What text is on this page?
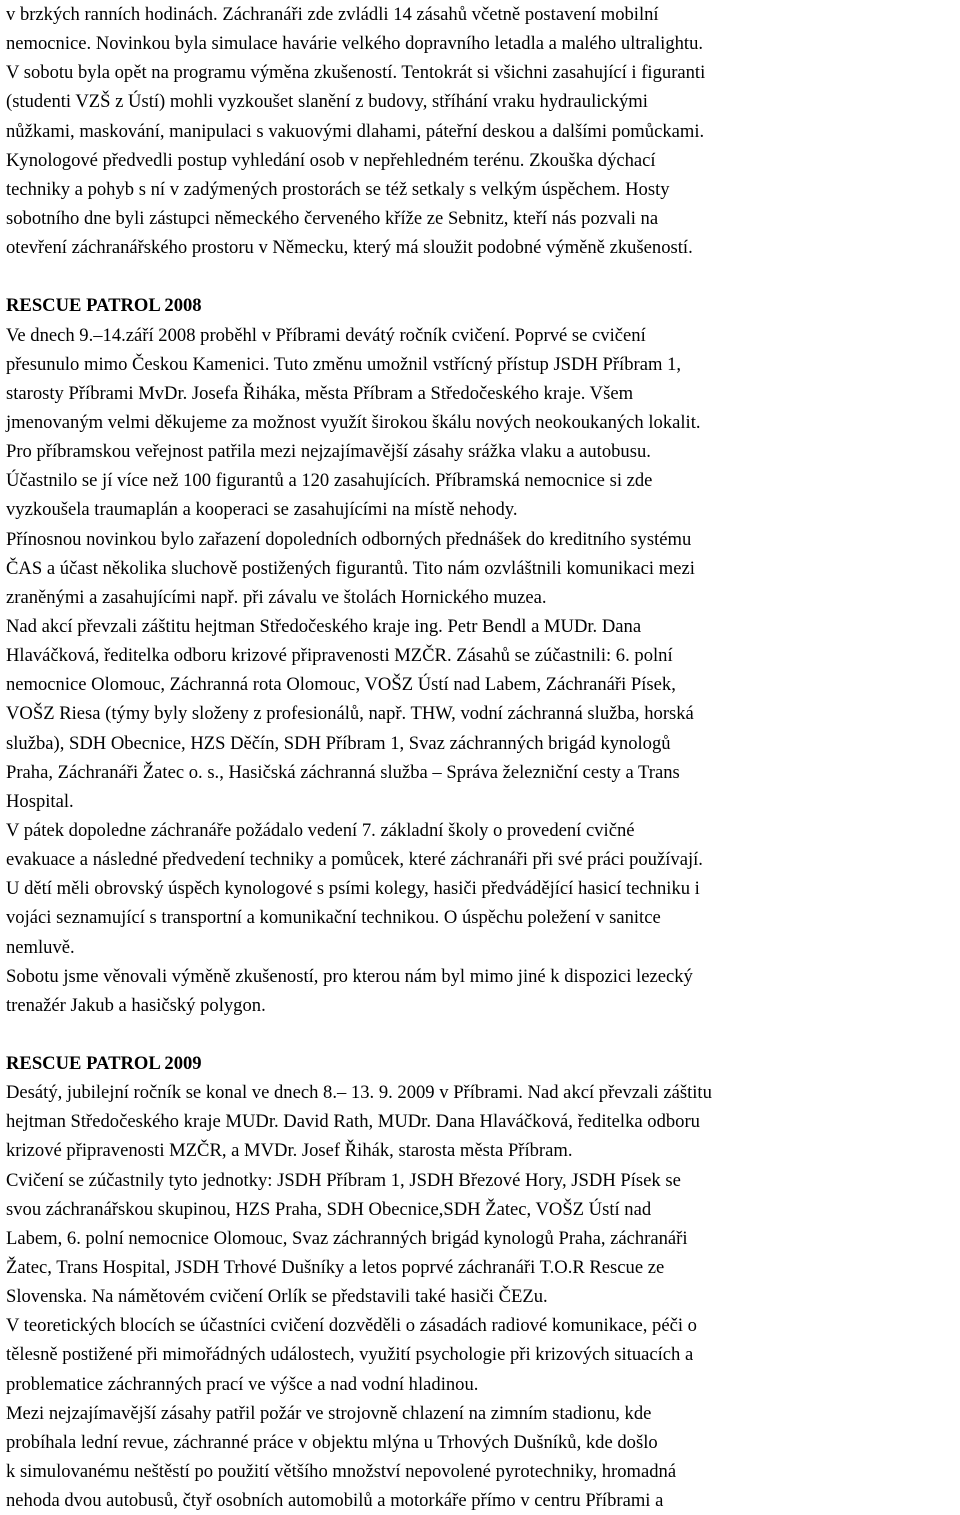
v brzkých ranních hodinách. Záchranáři zde zvládli 14 zásahů včetně postavení mobilní
nemocnice. Novinkou byla simulace havárie velkého dopravního letadla a malého ultralightu.
V sobotu byla opět na programu výměna zkušeností. Tentokrát si všichni zasahující i figuranti
(studenti VZŠ z Ústí) mohli vyzkoušet slanění z budovy, stříhání vraku hydraulickými
nůžkami, maskování, manipulaci s vakuovými dlahami, páteřní deskou a dalšími pomůckami.
Kynologové předvedli postup vyhledání osob v nepřehledném terénu. Zkouška dýchací
techniky a pohyb s ní v zadýmených prostorách se též setkaly s velkým úspěchem. Hosty
sobotního dne byli zástupci německého červeného kříže ze Sebnitz, kteří nás pozvali na
otevření záchranářského prostoru v Německu, který má sloužit podobné výměně zkušeností.
RESCUE PATROL 2008
Ve dnech 9.–14.září 2008 proběhl v Příbrami devátý ročník cvičení. Poprvé se cvičení
přesunulo mimo Českou Kamenici. Tuto změnu umožnil vstřícný přístup JSDH Příbram 1,
starosty Příbrami MvDr. Josefa Řiháka, města Příbram a Středočeského kraje. Všem
jmenovaným velmi děkujeme za možnost využít širokou škálu nových neokoukaných lokalit.
Pro příbramskou veřejnost patřila mezi nejzajímavější zásahy srážka vlaku a autobusu.
Účastnilo se jí více než 100 figurantů a 120 zasahujících. Příbramská nemocnice si zde
vyzkoušela traumaplán a kooperaci se zasahujícími na místě nehody.
Přínosnou novinkou bylo zařazení dopoledních odborných přednášek do kreditního systému
ČAS a účast několika sluchově postižených figurantů. Tito nám ozvláštnili komunikaci mezi
zraněnými a zasahujícími např. při závalu ve štolách Hornického muzea.
Nad akcí převzali záštitu hejtman Středočeského kraje ing. Petr Bendl a MUDr. Dana
Hlaváčková, ředitelka odboru krizové připravenosti MZČR. Zásahů se zúčastnili: 6. polní
nemocnice Olomouc, Záchranná rota Olomouc, VOŠZ Ústí nad Labem, Záchranáři Písek,
VOŠZ Riesa (týmy byly složeny z profesionálů, např. THW, vodní záchranná služba, horská
služba), SDH Obecnice, HZS Děčín, SDH Příbram 1, Svaz záchranných brigád kynologů
Praha, Záchranáři Žatec o. s., Hasičská záchranná služba – Správa železniční cesty a Trans
Hospital.
V pátek dopoledne záchranáře požádalo vedení 7. základní školy o provedení cvičné
evakuace a následné předvedení techniky a pomůcek, které záchranáři při své práci používají.
U dětí měli obrovský úspěch kynologové s psími kolegy, hasiči předvádějící hasicí techniku i
vojáci seznamující s transportní a komunikační technikou. O úspěchu poležení v sanitce
nemluvě.
Sobotu jsme věnovali výměně zkušeností, pro kterou nám byl mimo jiné k dispozici lezecký
trenažér Jakub a hasičský polygon.
RESCUE PATROL 2009
Desátý, jubilejní ročník se konal ve dnech 8.– 13. 9. 2009 v Příbrami. Nad akcí převzali záštitu
hejtman Středočeského kraje MUDr. David Rath, MUDr. Dana Hlaváčková, ředitelka odboru
krizové připravenosti MZČR, a MVDr. Josef Řihák, starosta města Příbram.
Cvičení se zúčastnily tyto jednotky: JSDH Příbram 1, JSDH Březové Hory, JSDH Písek se
svou záchranářskou skupinou, HZS Praha, SDH Obecnice,SDH Žatec, VOŠZ Ústí nad
Labem, 6. polní nemocnice Olomouc, Svaz záchranných brigád kynologů Praha, záchranáři
Žatec, Trans Hospital, JSDH Trhové Dušníky a letos poprvé záchranáři T.O.R Rescue ze
Slovenska. Na námětovém cvičení Orlík se představili také hasiči ČEZu.
V teoretických blocích se účastníci cvičení dozvěděli o zásadách radiové komunikace, péči o
tělesně postižené při mimořádných událostech, využití psychologie při krizových situacích a
problematice záchranných prací ve výšce a nad vodní hladinou.
Mezi nejzajímavější zásahy patřil požár ve strojovně chlazení na zimním stadionu, kde
probíhala lední revue, záchranné práce v objektu mlýna u Trhových Dušníků, kde došlo
k simulovanému neštěstí po použití většího množství nepovolené pyrotechniky, hromadná
nehoda dvou autobusů, čtyř osobních automobilů a motorkáře přímo v centru Příbrami a
